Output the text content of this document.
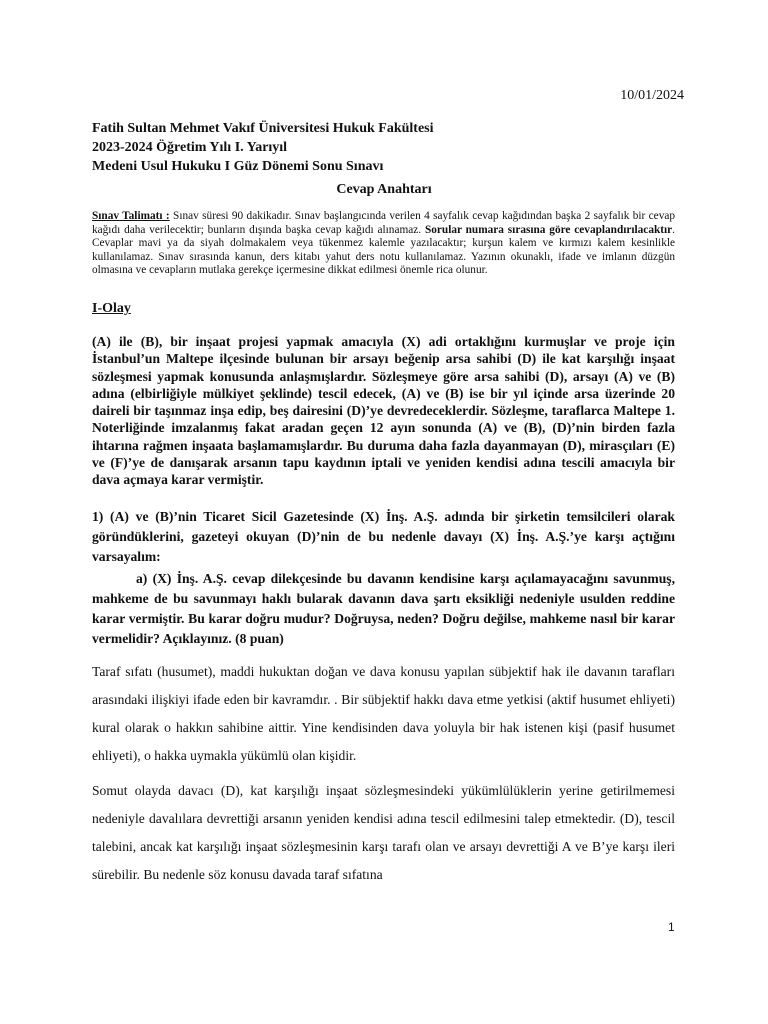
10/01/2024
Fatih Sultan Mehmet Vakıf Üniversitesi Hukuk Fakültesi
2023-2024 Öğretim Yılı I. Yarıyıl
Medeni Usul Hukuku I Güz Dönemi Sonu Sınavı
Cevap Anahtarı
Sınav Talimatı : Sınav süresi 90 dakikadır. Sınav başlangıcında verilen 4 sayfalık cevap kağıdından başka 2 sayfalık bir cevap kağıdı daha verilecektir; bunların dışında başka cevap kağıdı alınamaz. Sorular numara sırasına göre cevaplandırılacaktır. Cevaplar mavi ya da siyah dolmakalem veya tükenmez kalemle yazılacaktır; kurşun kalem ve kırmızı kalem kesinlikle kullanılamaz. Sınav sırasında kanun, ders kitabı yahut ders notu kullanılamaz. Yazının okunaklı, ifade ve imlanın düzgün olmasına ve cevapların mutlaka gerekçe içermesine dikkat edilmesi önemle rica olunur.
I-Olay
(A) ile (B), bir inşaat projesi yapmak amacıyla (X) adi ortaklığını kurmuşlar ve proje için İstanbul’un Maltepe ilçesinde bulunan bir arsayı beğenip arsa sahibi (D) ile kat karşılığı inşaat sözleşmesi yapmak konusunda anlaşmışlardır. Sözleşmeye göre arsa sahibi (D), arsayı (A) ve (B) adına (elbirliğiyle mülkiyet şeklinde) tescil edecek, (A) ve (B) ise bir yıl içinde arsa üzerinde 20 daireli bir taşınmaz inşa edip, beş dairesini (D)’ye devredeceklerdir. Sözleşme, taraflarca Maltepe 1. Noterliğinde imzalanmış fakat aradan geçen 12 ayın sonunda (A) ve (B), (D)’nin birden fazla ihtarına rağmen inşaata başlamamışlardır. Bu duruma daha fazla dayanmayan (D), mirasçıları (E) ve (F)’ye de danışarak arsanın tapu kaydının iptali ve yeniden kendisi adına tescili amacıyla bir dava açmaya karar vermiştir.
1) (A) ve (B)’nin Ticaret Sicil Gazetesinde (X) İnş. A.Ş. adında bir şirketin temsilcileri olarak göründüklerini, gazeteyi okuyan (D)’nin de bu nedenle davayı (X) İnş. A.Ş.’ye karşı açtığını varsayalım:
a) (X) İnş. A.Ş. cevap dilekçesinde bu davanın kendisine karşı açılamayacağını savunmuş, mahkeme de bu savunmayı haklı bularak davanın dava şartı eksikliği nedeniyle usulden reddine karar vermiştir. Bu karar doğru mudur? Doğruysa, neden? Doğru değilse, mahkeme nasıl bir karar vermelidir? Açıklayınız. (8 puan)
Taraf sıfatı (husumet), maddi hukuktan doğan ve dava konusu yapılan sübjektif hak ile davanın tarafları arasındaki ilişkiyi ifade eden bir kavramdır. . Bir sübjektif hakkı dava etme yetkisi (aktif husumet ehliyeti) kural olarak o hakkın sahibine aittir. Yine kendisinden dava yoluyla bir hak istenen kişi (pasif husumet ehliyeti), o hakka uymakla yükümlü olan kişidir.
Somut olayda davacı (D), kat karşılığı inşaat sözleşmesindeki yükümlülüklerin yerine getirilmemesi nedeniyle davalılara devrettiği arsanın yeniden kendisi adına tescil edilmesini talep etmektedir. (D), tescil talebini, ancak kat karşılığı inşaat sözleşmesinin karşı tarafı olan ve arsayı devrettiği A ve B’ye karşı ileri sürebilir. Bu nedenle söz konusu davada taraf sıfatına
1
